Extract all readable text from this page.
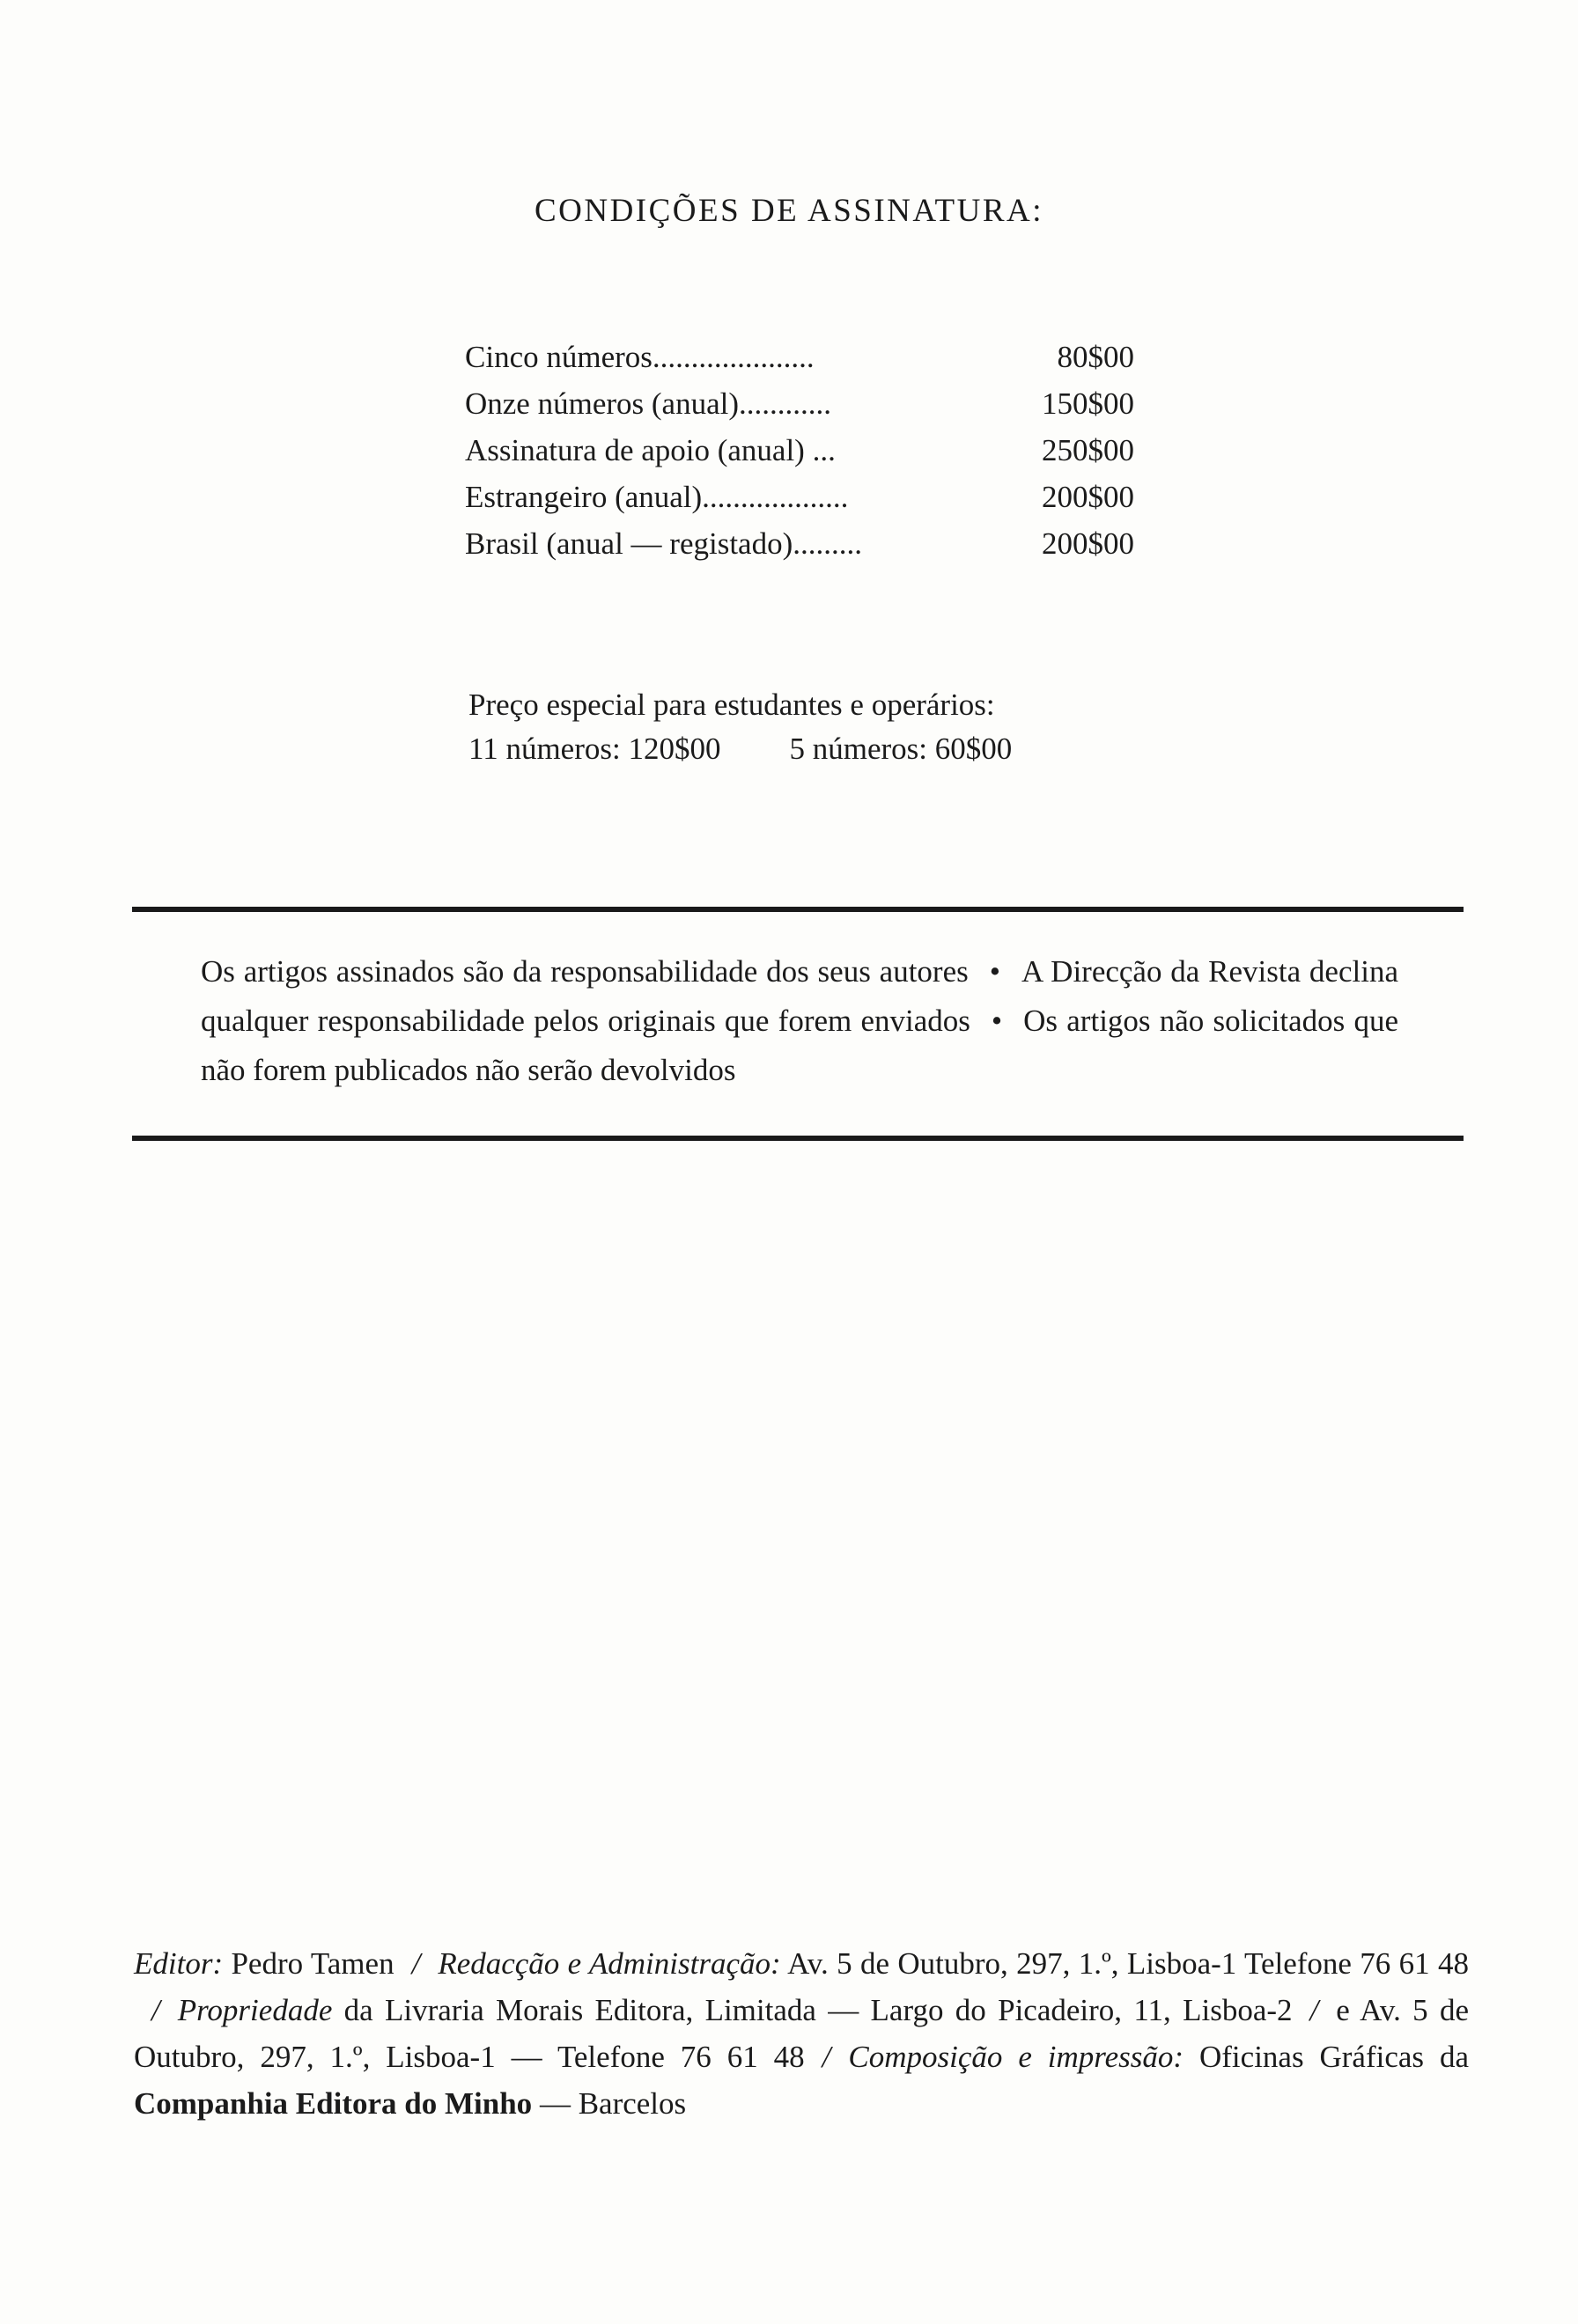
CONDIÇÕES DE ASSINATURA:
Cinco números.....................	80$00
Onze números (anual)............	150$00
Assinatura de apoio (anual) ...	250$00
Estrangeiro (anual)...................	200$00
Brasil (anual — registado).........	200$00
Preço especial para estudantes e operários:
11 números: 120$00 5 números: 60$00
Os artigos assinados são da responsabilidade dos seus autores • A Direcção da Revista declina qualquer responsabilidade pelos originais que forem enviados • Os artigos não solicitados que não forem publicados não serão devolvidos
Editor: Pedro Tamen / Redacção e Administração: Av. 5 de Outubro, 297, 1.º, Lisboa-1 Telefone 76 61 48/ Propriedade da Livraria Morais Editora, Limitada — Largo do Picadeiro, 11, Lisboa-2 / e Av. 5 de Outubro, 297, 1.º, Lisboa-1 — Telefone 76 61 48 / Composição e impressão: Oficinas Gráficas da Companhia Editora do Minho — Barcelos
